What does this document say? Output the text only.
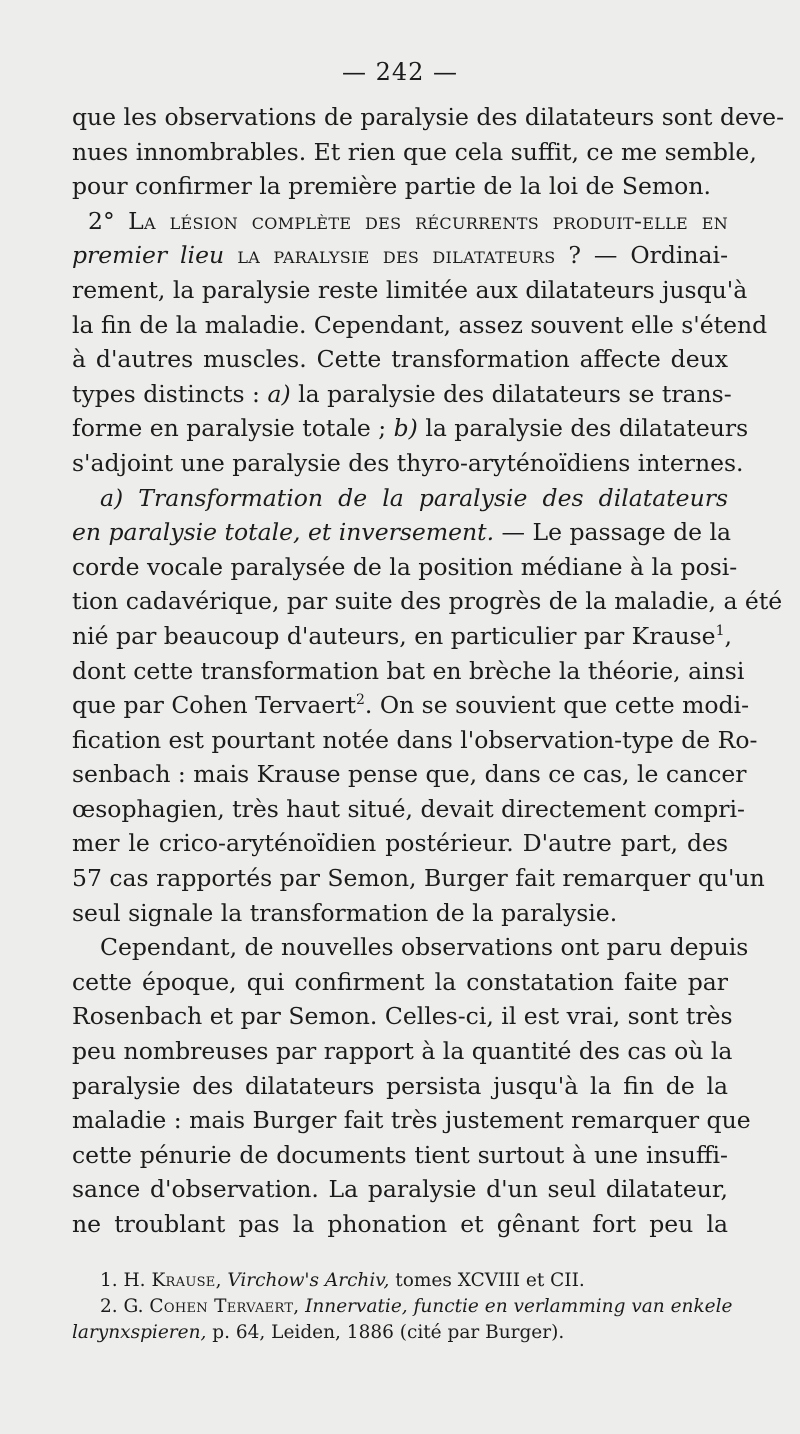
— 242 —
que les observations de paralysie des dilatateurs sont deve-
nues innombrables. Et rien que cela suffit, ce me semble,
pour confirmer la première partie de la loi de Semon.
2° La lésion complète des récurrents produit-elle en
premier lieu la paralysie des dilatateurs ? — Ordinai-
rement, la paralysie reste limitée aux dilatateurs jusqu'à
la fin de la maladie. Cependant, assez souvent elle s'étend
à d'autres muscles. Cette transformation affecte deux
types distincts : a) la paralysie des dilatateurs se trans-
forme en paralysie totale ; b) la paralysie des dilatateurs
s'adjoint une paralysie des thyro-aryténoïdiens internes.
a) Transformation de la paralysie des dilatateurs
en paralysie totale, et inversement. — Le passage de la
corde vocale paralysée de la position médiane à la posi-
tion cadavérique, par suite des progrès de la maladie, a été
nié par beaucoup d'auteurs, en particulier par Krause$^1$,
dont cette transformation bat en brèche la théorie, ainsi
que par Cohen Tervaert$^2$. On se souvient que cette modi-
fication est pourtant notée dans l'observation-type de Ro-
senbach : mais Krause pense que, dans ce cas, le cancer
œsophagien, très haut situé, devait directement compri-
mer le crico-aryténoïdien postérieur. D'autre part, des
57 cas rapportés par Semon, Burger fait remarquer qu'un
seul signale la transformation de la paralysie.
Cependant, de nouvelles observations ont paru depuis
cette époque, qui confirment la constatation faite par
Rosenbach et par Semon. Celles-ci, il est vrai, sont très
peu nombreuses par rapport à la quantité des cas où la
paralysie des dilatateurs persista jusqu'à la fin de la
maladie : mais Burger fait très justement remarquer que
cette pénurie de documents tient surtout à une insuffi-
sance d'observation. La paralysie d'un seul dilatateur,
ne troublant pas la phonation et gênant fort peu la
1. H. Krause, Virchow's Archiv, tomes XCVIII et CII.
2. G. Cohen Tervaert, Innervatie, functie en verlamming van enkele
larynxspieren, p. 64, Leiden, 1886 (cité par Burger).
